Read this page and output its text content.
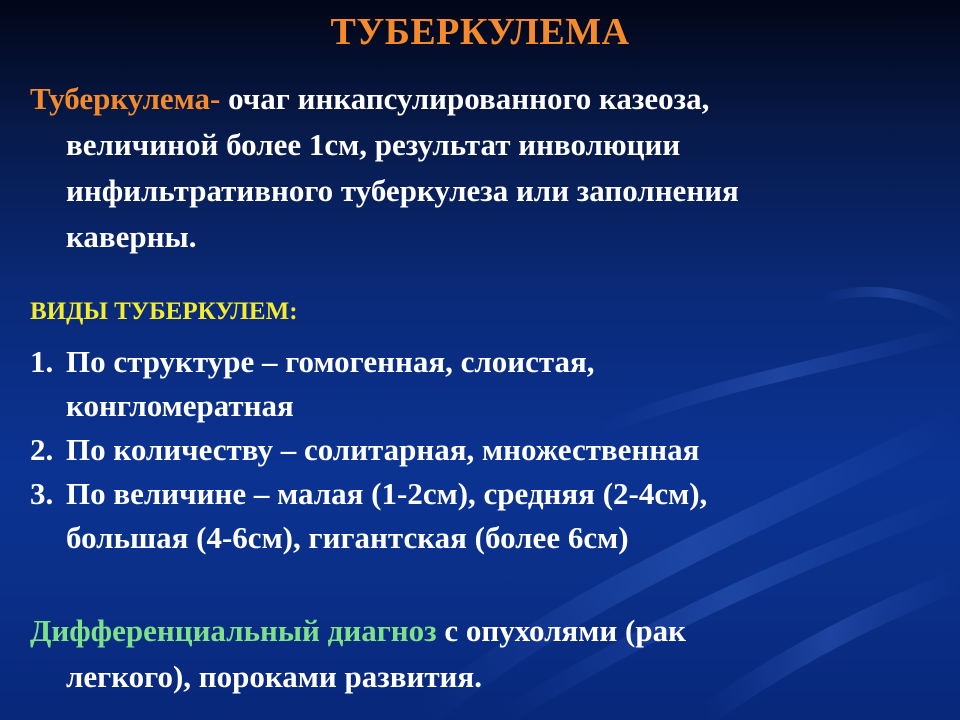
ТУБЕРКУЛЕМА
Туберкулема- очаг инкапсулированного казеоза,
величиной более 1см, результат инволюции
инфильтративного туберкулеза или заполнения
каверны.
ВИДЫ ТУБЕРКУЛЕМ:
1. По структуре – гомогенная, слоистая,
конгломератная
2. По количеству – солитарная, множественная
3. По величине – малая (1-2см), средняя (2-4см),
большая (4-6см), гигантская (более 6см)
Дифференциальный диагноз с опухолями (рак
легкого), пороками развития.
